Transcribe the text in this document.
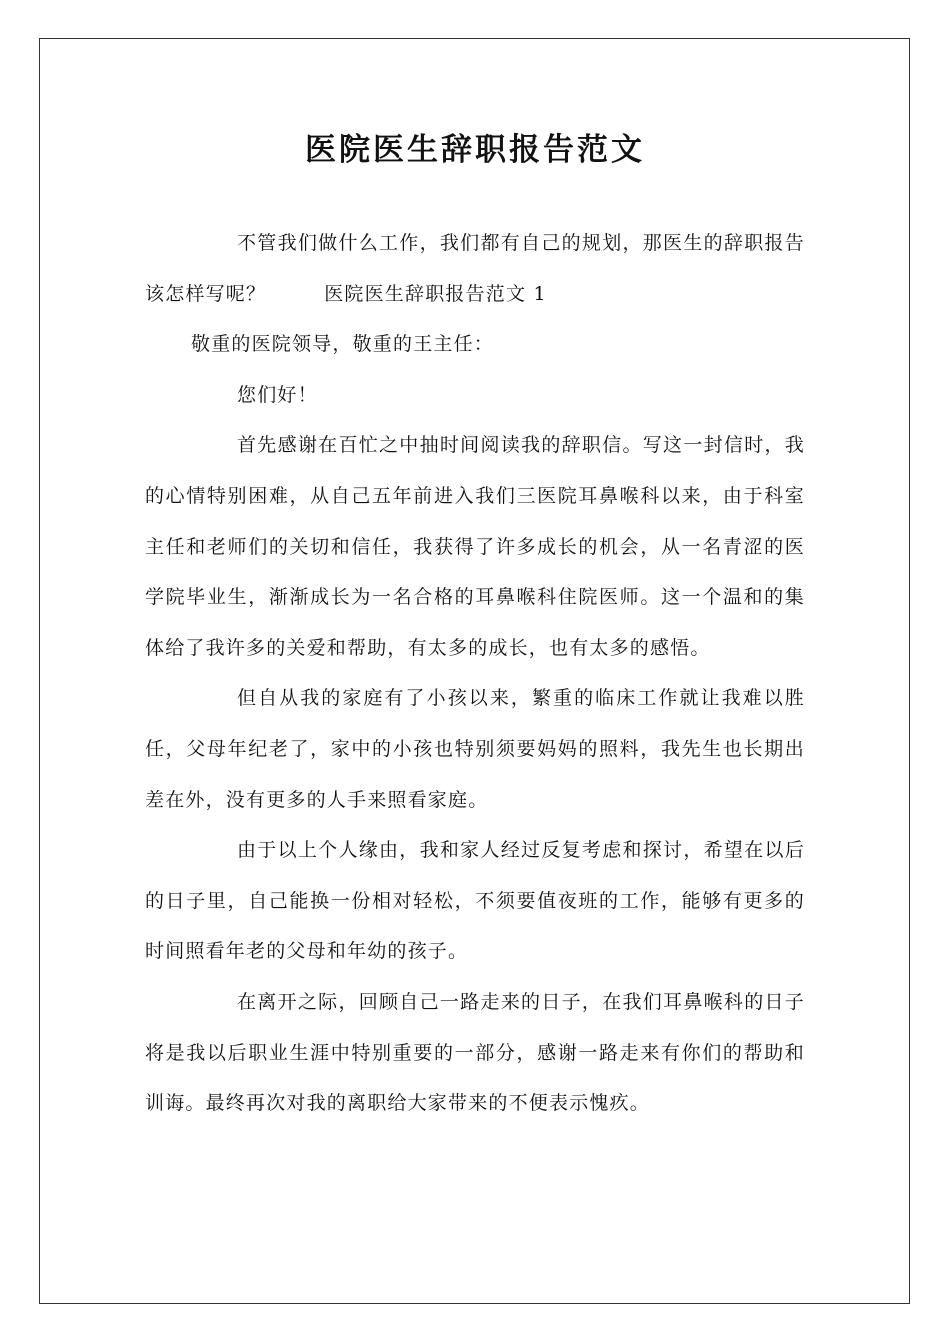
医院医生辞职报告范文

不管我们做什么工作，我们都有自己的规划，那医生的辞职报告该怎样写呢？	医院医生辞职报告范文 1

敬重的医院领导，敬重的王主任：

您们好！

首先感谢在百忙之中抽时间阅读我的辞职信。写这一封信时，我的心情特别困难，从自己五年前进入我们三医院耳鼻喉科以来，由于科室主任和老师们的关切和信任，我获得了许多成长的机会，从一名青涩的医学院毕业生，渐渐成长为一名合格的耳鼻喉科住院医师。这一个温和的集体给了我许多的关爱和帮助，有太多的成长，也有太多的感悟。

但自从我的家庭有了小孩以来，繁重的临床工作就让我难以胜任，父母年纪老了，家中的小孩也特别须要妈妈的照料，我先生也长期出差在外，没有更多的人手来照看家庭。

由于以上个人缘由，我和家人经过反复考虑和探讨，希望在以后的日子里，自己能换一份相对轻松，不须要值夜班的工作，能够有更多的时间照看年老的父母和年幼的孩子。

在离开之际，回顾自己一路走来的日子，在我们耳鼻喉科的日子将是我以后职业生涯中特别重要的一部分，感谢一路走来有你们的帮助和训诲。最终再次对我的离职给大家带来的不便表示愧疚。
